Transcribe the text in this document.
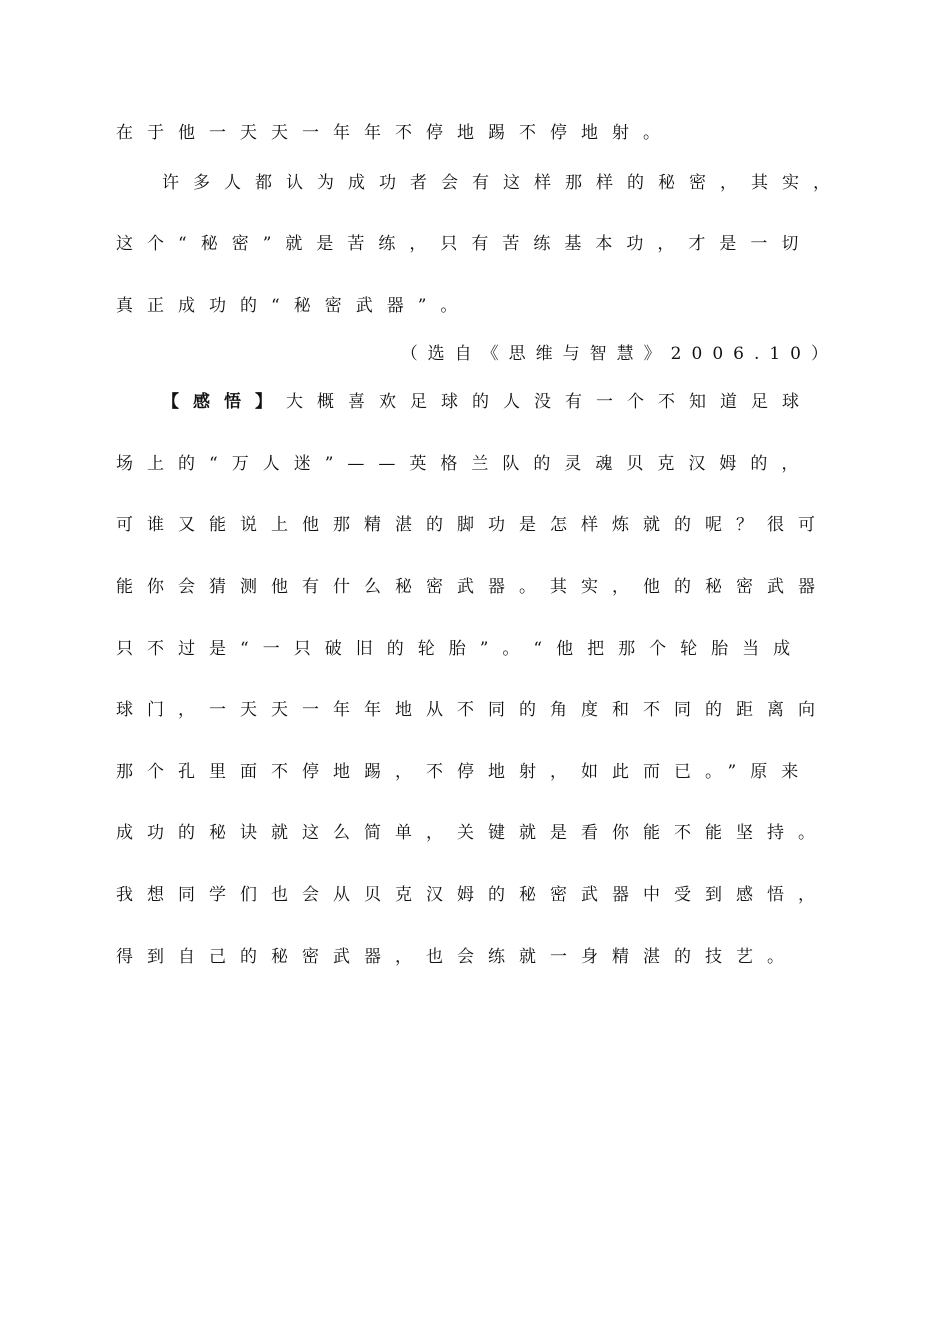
在于他一天天一年年不停地踢不停地射。
许多人都认为成功者会有这样那样的秘密，其实，
这个“秘密”就是苦练，只有苦练基本功，才是一切
真正成功的“秘密武器”。
（选自《思维与智慧》2006.10）
【感悟】大概喜欢足球的人没有一个不知道足球
场上的“万人迷”——英格兰队的灵魂贝克汉姆的，
可谁又能说上他那精湛的脚功是怎样炼就的呢？很可
能你会猜测他有什么秘密武器。其实，他的秘密武器
只不过是“一只破旧的轮胎”。“他把那个轮胎当成
球门，一天天一年年地从不同的角度和不同的距离向
那个孔里面不停地踢，不停地射，如此而已。”原来
成功的秘诀就这么简单，关键就是看你能不能坚持。
我想同学们也会从贝克汉姆的秘密武器中受到感悟，
得到自己的秘密武器，也会练就一身精湛的技艺。
